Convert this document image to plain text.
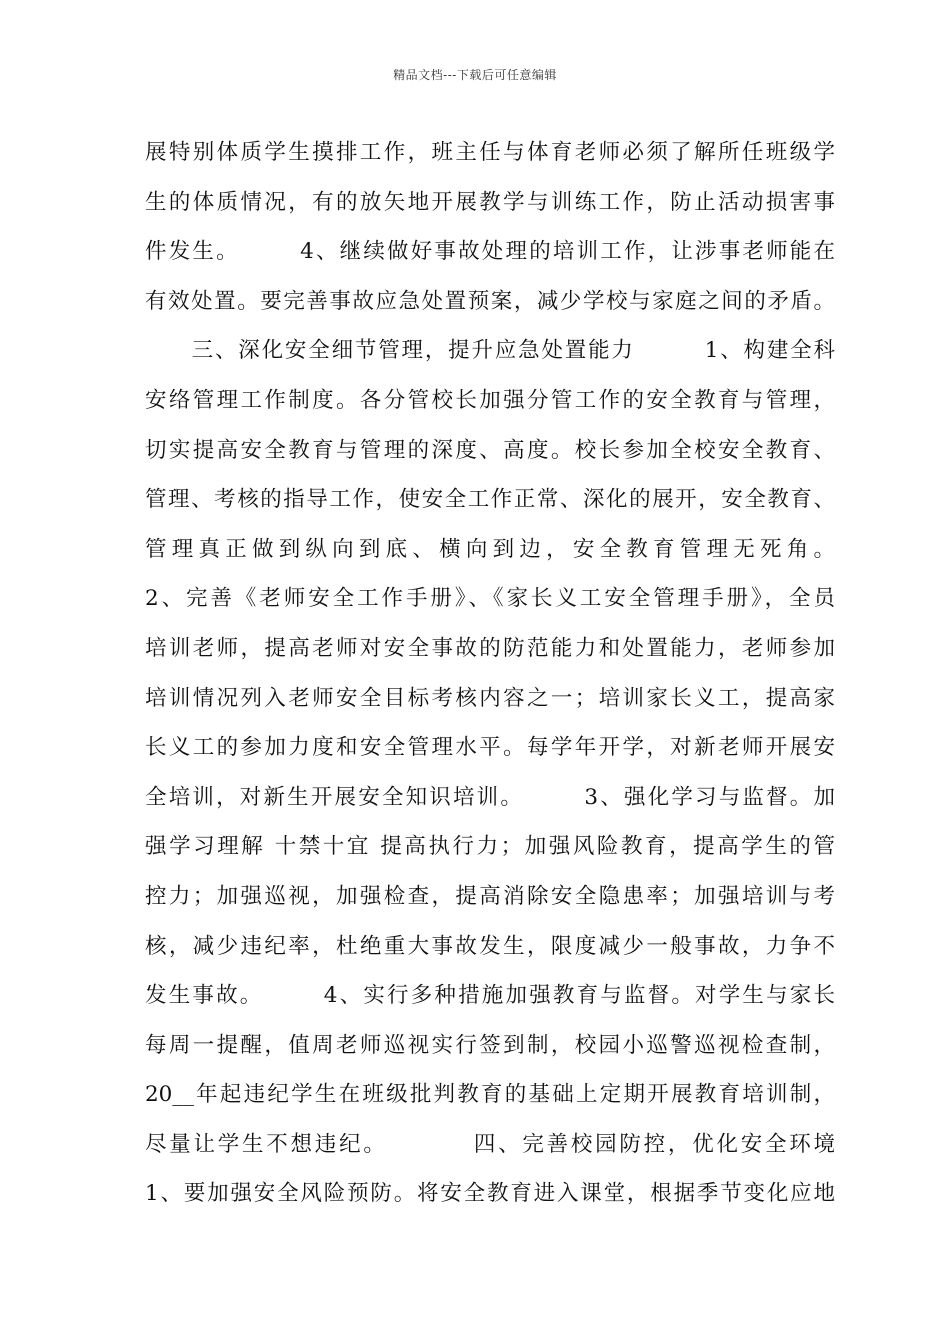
精品文档---下载后可任意编辑
展特别体质学生摸排工作，班主任与体育老师必须了解所任班级学
生的体质情况，有的放矢地开展教学与训练工作，防止活动损害事
件发生。　　　4、继续做好事故处理的培训工作，让涉事老师能在
有效处置。要完善事故应急处置预案，减少学校与家庭之间的矛盾。
　　三、深化安全细节管理，提升应急处置能力　　　1、构建全科
安络管理工作制度。各分管校长加强分管工作的安全教育与管理，
切实提高安全教育与管理的深度、高度。校长参加全校安全教育、
管理、考核的指导工作，使安全工作正常、深化的展开，安全教育、
管理真正做到纵向到底、横向到边，安全教育管理无死角。
2、完善《老师安全工作手册》、《家长义工安全管理手册》，全员
培训老师，提高老师对安全事故的防范能力和处置能力，老师参加
培训情况列入老师安全目标考核内容之一；培训家长义工，提高家
长义工的参加力度和安全管理水平。每学年开学，对新老师开展安
全培训，对新生开展安全知识培训。　　　3、强化学习与监督。加
强学习理解 十禁十宜 提高执行力；加强风险教育，提高学生的管
控力；加强巡视，加强检查，提高消除安全隐患率；加强培训与考
核，减少违纪率，杜绝重大事故发生，限度减少一般事故，力争不
发生事故。　　　4、实行多种措施加强教育与监督。对学生与家长
每周一提醒，值周老师巡视实行签到制，校园小巡警巡视检查制，
20__年起违纪学生在班级批判教育的基础上定期开展教育培训制，
尽量让学生不想违纪。　　　　四、完善校园防控，优化安全环境
1、要加强安全风险预防。将安全教育进入课堂，根据季节变化应地
